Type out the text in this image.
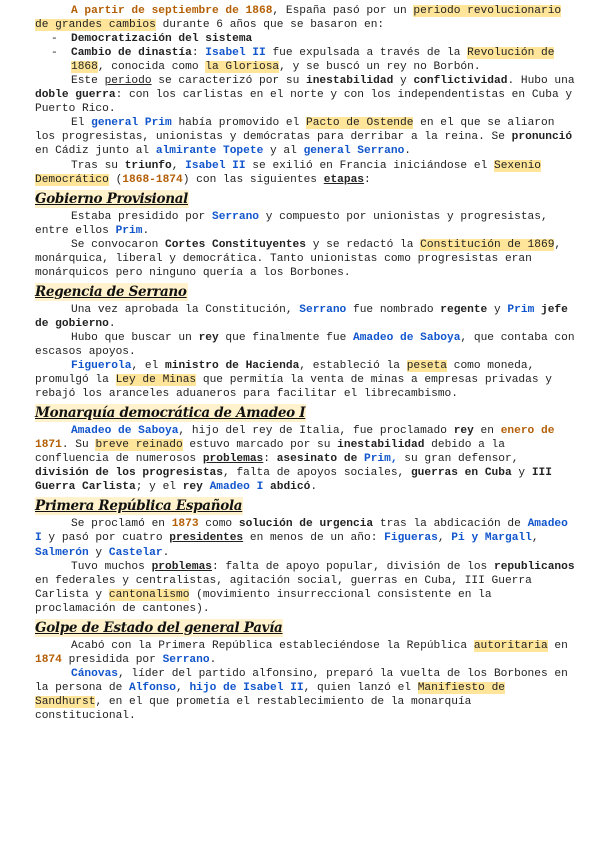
A partir de septiembre de 1868, España pasó por un periodo revolucionario de grandes cambios durante 6 años que se basaron en:

- Democratización del sistema

- Cambio de dinastía: Isabel II fue expulsada a través de la Revolución de 1868, conocida como la Gloriosa, y se buscó un rey no Borbón.

Este periodo se caracterizó por su inestabilidad y conflictividad. Hubo una doble guerra: con los carlistas en el norte y con los independentistas en Cuba y Puerto Rico.

El general Prim había promovido el Pacto de Ostende en el que se aliaron los progresistas, unionistas y demócratas para derribar a la reina. Se pronunció en Cádiz junto al almirante Topete y al general Serrano.

Tras su triunfo, Isabel II se exilió en Francia iniciándose el Sexenio Democrático (1868-1874) con las siguientes etapas:

Gobierno Provisional

Estaba presidido por Serrano y compuesto por unionistas y progresistas, entre ellos Prim.

Se convocaron Cortes Constituyentes y se redactó la Constitución de 1869, monárquica, liberal y democrática. Tanto unionistas como progresistas eran monárquicos pero ninguno quería a los Borbones.

Regencia de Serrano

Una vez aprobada la Constitución, Serrano fue nombrado regente y Prim jefe de gobierno.

Hubo que buscar un rey que finalmente fue Amadeo de Saboya, que contaba con escasos apoyos.

Figuerola, el ministro de Hacienda, estableció la peseta como moneda, promulgó la Ley de Minas que permitía la venta de minas a empresas privadas y rebajó los aranceles aduaneros para facilitar el librecambismo.

Monarquía democrática de Amadeo I

Amadeo de Saboya, hijo del rey de Italia, fue proclamado rey en enero de 1871. Su breve reinado estuvo marcado por su inestabilidad debido a la confluencia de numerosos problemas: asesinato de Prim, su gran defensor, división de los progresistas, falta de apoyos sociales, guerras en Cuba y III Guerra Carlista; y el rey Amadeo I abdicó.

Primera República Española

Se proclamó en 1873 como solución de urgencia tras la abdicación de Amadeo I y pasó por cuatro presidentes en menos de un año: Figueras, Pi y Margall, Salmerón y Castelar.

Tuvo muchos problemas: falta de apoyo popular, división de los republicanos en federales y centralistas, agitación social, guerras en Cuba, III Guerra Carlista y cantonalismo (movimiento insurreccional consistente en la proclamación de cantones).

Golpe de Estado del general Pavía

Acabó con la Primera República estableciéndose la República autoritaria en 1874 presidida por Serrano.

Cánovas, líder del partido alfonsino, preparó la vuelta de los Borbones en la persona de Alfonso, hijo de Isabel II, quien lanzó el Manifiesto de Sandhurst, en el que prometía el restablecimiento de la monarquía constitucional.
